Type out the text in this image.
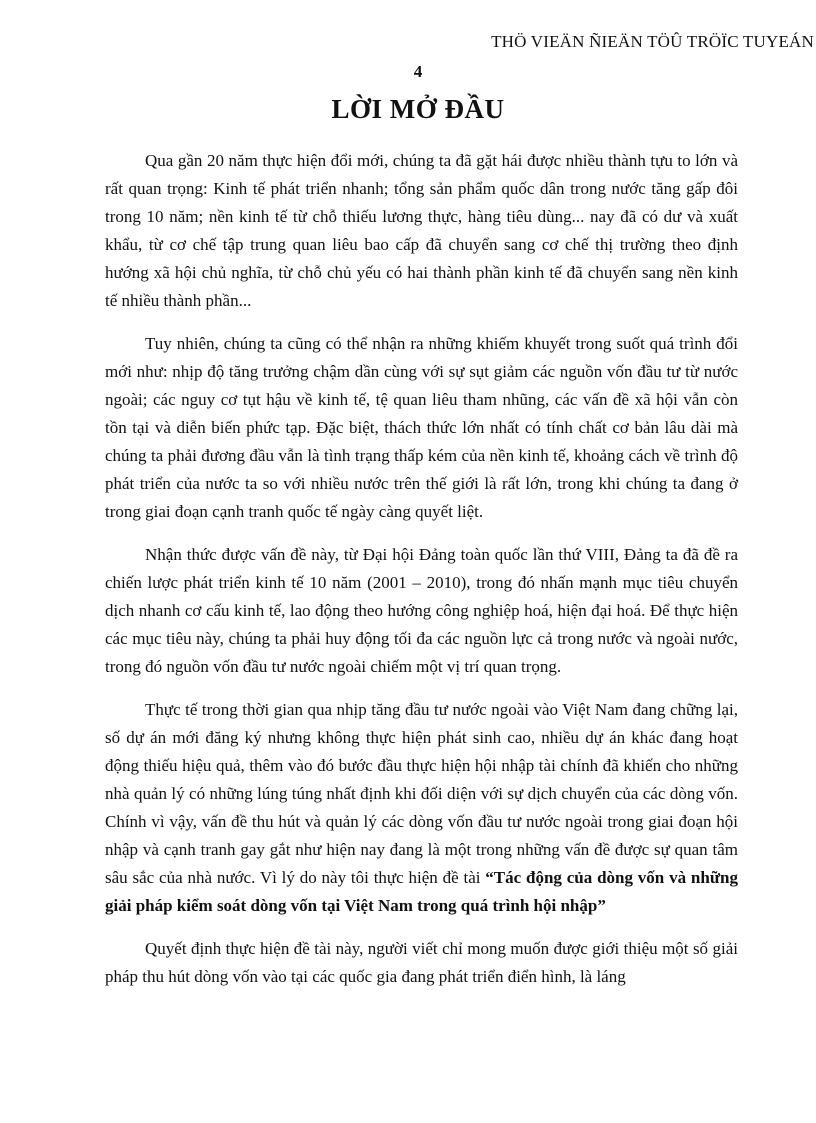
THÖ VIEÄN ÑIEÄN TÖÛ TRÖÏC TUYEÁN
4
LỜI MỞ ĐẦU

Qua gần 20 năm thực hiện đổi mới, chúng ta đã gặt hái được nhiều thành tựu to lớn và rất quan trọng: Kinh tế phát triển nhanh; tổng sản phẩm quốc dân trong nước tăng gấp đôi trong 10 năm; nền kinh tế từ chỗ thiếu lương thực, hàng tiêu dùng... nay đã có dư và xuất khẩu, từ cơ chế tập trung quan liêu bao cấp đã chuyển sang cơ chế thị trường theo định hướng xã hội chủ nghĩa, từ chỗ chủ yếu có hai thành phần kinh tế đã chuyển sang nền kinh tế nhiều thành phần...

Tuy nhiên, chúng ta cũng có thể nhận ra những khiếm khuyết trong suốt quá trình đổi mới như: nhịp độ tăng trưởng chậm dần cùng với sự sụt giảm các nguồn vốn đầu tư từ nước ngoài; các nguy cơ tụt hậu về kinh tế, tệ quan liêu tham nhũng, các vấn đề xã hội vẫn còn tồn tại và diễn biến phức tạp. Đặc biệt, thách thức lớn nhất có tính chất cơ bản lâu dài mà chúng ta phải đương đầu vẫn là tình trạng thấp kém của nền kinh tế, khoảng cách về trình độ phát triển của nước ta so với nhiều nước trên thế giới là rất lớn, trong khi chúng ta đang ở trong giai đoạn cạnh tranh quốc tế ngày càng quyết liệt.

Nhận thức được vấn đề này, từ Đại hội Đảng toàn quốc lần thứ VIII, Đảng ta đã đề ra chiến lược phát triển kinh tế 10 năm (2001 – 2010), trong đó nhấn mạnh mục tiêu chuyển dịch nhanh cơ cấu kinh tế, lao động theo hướng công nghiệp hoá, hiện đại hoá. Để thực hiện các mục tiêu này, chúng ta phải huy động tối đa các nguồn lực cả trong nước và ngoài nước, trong đó nguồn vốn đầu tư nước ngoài chiếm một vị trí quan trọng.

Thực tế trong thời gian qua nhịp tăng đầu tư nước ngoài vào Việt Nam đang chững lại, số dự án mới đăng ký nhưng không thực hiện phát sinh cao, nhiều dự án khác đang hoạt động thiếu hiệu quả, thêm vào đó bước đầu thực hiện hội nhập tài chính đã khiến cho những nhà quản lý có những lúng túng nhất định khi đối diện với sự dịch chuyển của các dòng vốn. Chính vì vậy, vấn đề thu hút và quản lý các dòng vốn đầu tư nước ngoài trong giai đoạn hội nhập và cạnh tranh gay gắt như hiện nay đang là một trong những vấn đề được sự quan tâm sâu sắc của nhà nước. Vì lý do này tôi thực hiện đề tài “Tác động của dòng vốn và những giải pháp kiểm soát dòng vốn tại Việt Nam trong quá trình hội nhập”

Quyết định thực hiện đề tài này, người viết chỉ mong muốn được giới thiệu một số giải pháp thu hút dòng vốn vào tại các quốc gia đang phát triển điển hình, là láng
